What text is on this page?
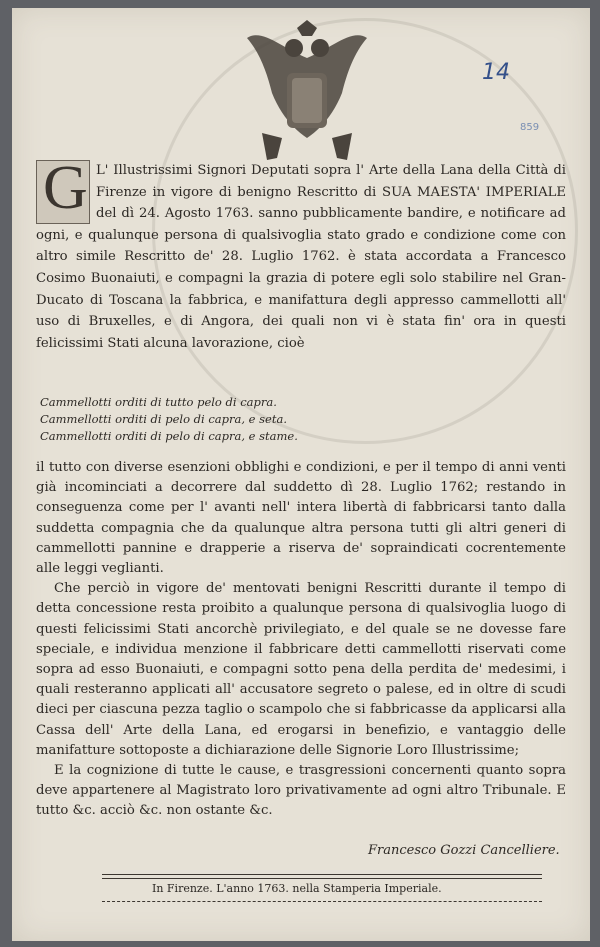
14
859
G L' Illustrissimi Signori Deputati sopra l' Arte della Lana della Città di Firenze in vigore di benigno Rescritto di SUA MAESTA' IMPERIALE del dì 24. Agosto 1763. sanno pubblicamente bandire, e notificare ad ogni, e qualunque persona di qualsivoglia stato grado e condizione come con altro simile Rescritto de' 28. Luglio 1762. è stata accordata a Francesco Cosimo Buonaiuti, e compagni la grazia di potere egli solo stabilire nel Gran-Ducato di Toscana la fabbrica, e manifattura degli appresso cammellotti all' uso di Bruxelles, e di Angora, dei quali non vi è stata fin' ora in questi felicissimi Stati alcuna lavorazione, cioè
Cammellotti orditi di tutto pelo di capra.
Cammellotti orditi di pelo di capra, e seta.
Cammellotti orditi di pelo di capra, e stame.

il tutto con diverse esenzioni obblighi e condizioni, e per il tempo di anni venti già incominciati a decorrere dal suddetto dì 28. Luglio 1762; restando in conseguenza come per l' avanti nell' intera libertà di fabbricarsi tanto dalla suddetta compagnia che da qualunque altra persona tutti gli altri generi di cammellotti pannine e drapperie a riserva de' sopraindicati cocrentemente alle leggi veglianti.

Che perciò in vigore de' mentovati benigni Rescritti durante il tempo di detta concessione resta proibito a qualunque persona di qualsivoglia luogo di questi felicissimi Stati ancorchè privilegiato, e del quale se ne dovesse fare speciale, e individua menzione il fabbricare detti cammellotti riservati come sopra ad esso Buonaiuti, e compagni sotto pena della perdita de' medesimi, i quali resteranno applicati all' accusatore segreto o palese, ed in oltre di scudi dieci per ciascuna pezza taglio o scampolo che si fabbricasse da applicarsi alla Cassa dell' Arte della Lana, ed erogarsi in benefizio, e vantaggio delle manifatture sottoposte a dichiarazione delle Signorie Loro Illustrissime;

E la cognizione di tutte le cause, e trasgressioni concernenti quanto sopra deve appartenere al Magistrato loro privativamente ad ogni altro Tribunale. E tutto &c. acciò &c. non ostante &c.

Francesco Gozzi Cancelliere.
In Firenze. L'anno 1763. nella Stamperia Imperiale.
